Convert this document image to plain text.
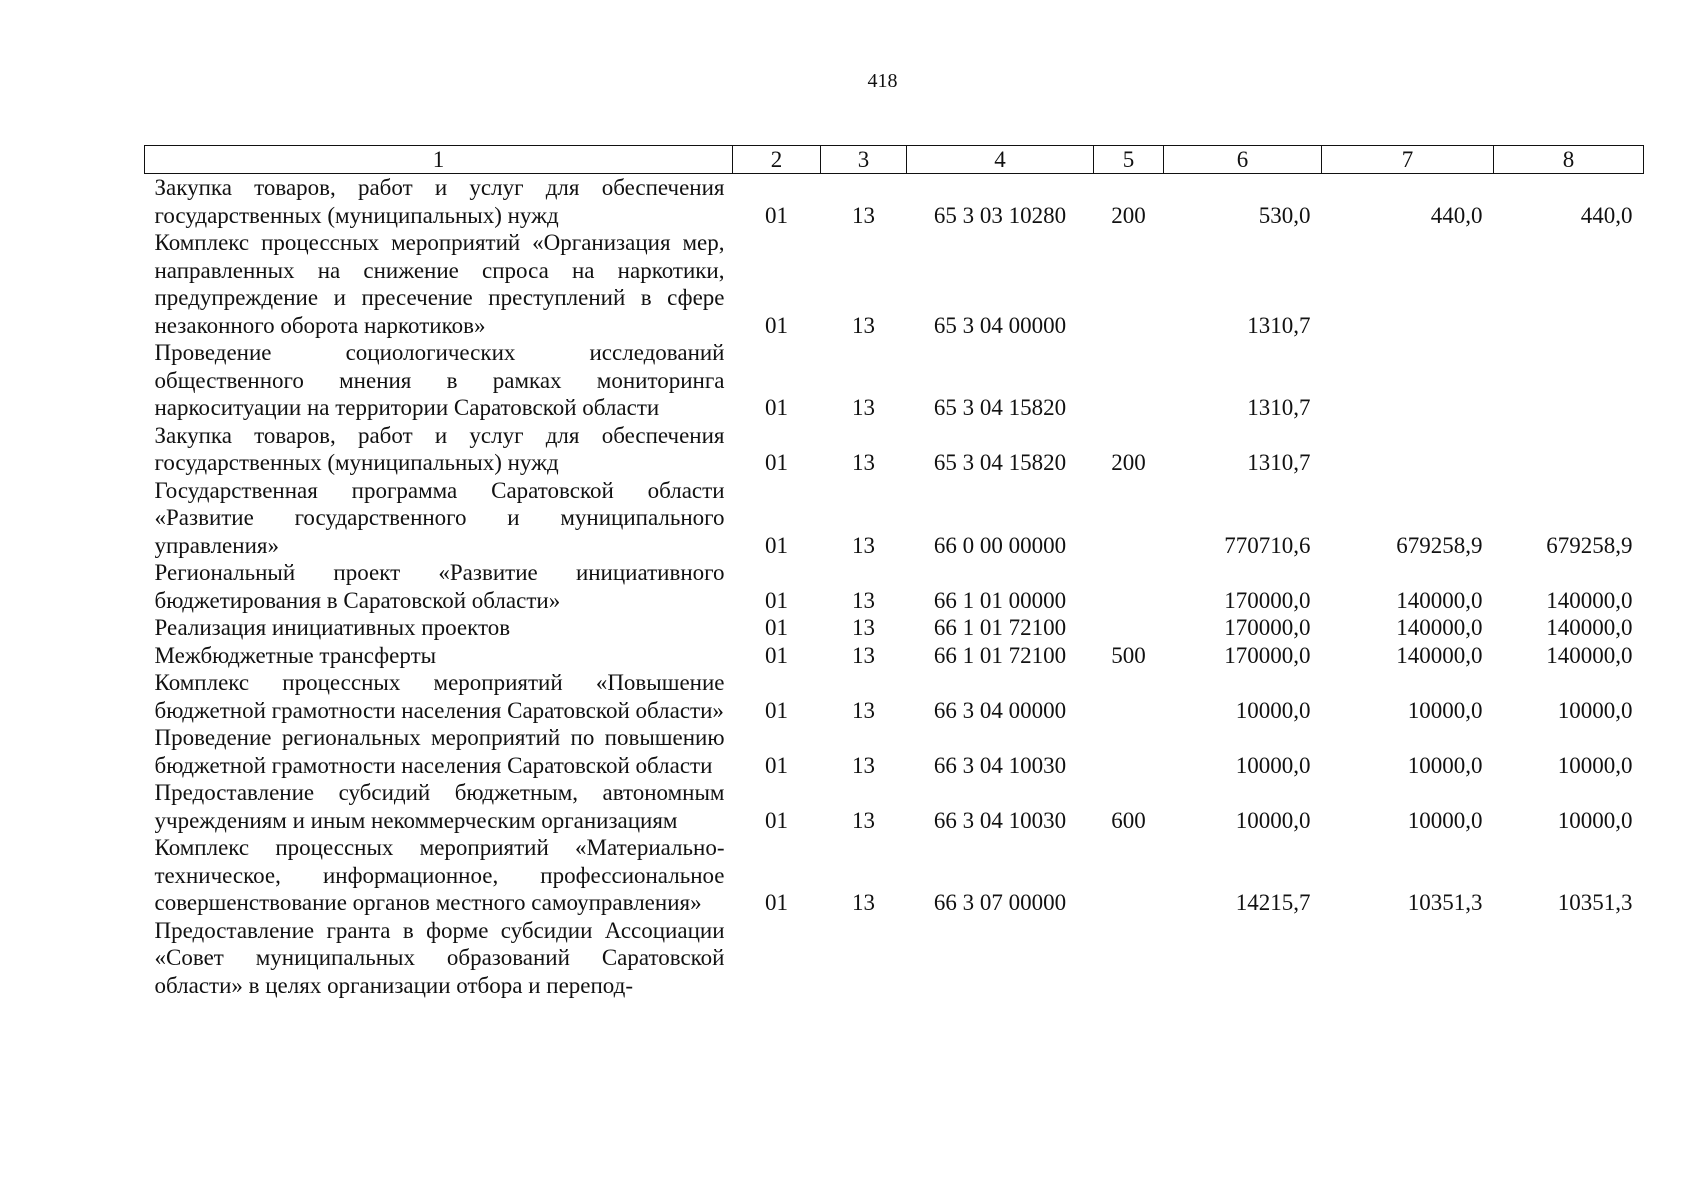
418
1	2	3	4	5	6	7	8
Закупка товаров, работ и услуг для обеспечения государственных (муниципальных) нужд	01	13	65 3 03 10280	200	530,0	440,0	440,0
Комплекс процессных мероприятий «Организация мер, направленных на снижение спроса на наркотики, предупреждение и пресечение преступлений в сфере незаконного оборота наркотиков»	01	13	65 3 04 00000		1310,7		
Проведение социологических исследований общественного мнения в рамках мониторинга наркоситуации на территории Саратовской области	01	13	65 3 04 15820		1310,7		
Закупка товаров, работ и услуг для обеспечения государственных (муниципальных) нужд	01	13	65 3 04 15820	200	1310,7		
Государственная программа Саратовской области «Развитие государственного и муниципального управления»	01	13	66 0 00 00000		770710,6	679258,9	679258,9
Региональный проект «Развитие инициативного бюджетирования в Саратовской области»	01	13	66 1 01 00000		170000,0	140000,0	140000,0
Реализация инициативных проектов	01	13	66 1 01 72100		170000,0	140000,0	140000,0
Межбюджетные трансферты	01	13	66 1 01 72100	500	170000,0	140000,0	140000,0
Комплекс процессных мероприятий «Повышение бюджетной грамотности населения Саратовской области»	01	13	66 3 04 00000		10000,0	10000,0	10000,0
Проведение региональных мероприятий по повышению бюджетной грамотности населения Саратовской области	01	13	66 3 04 10030		10000,0	10000,0	10000,0
Предоставление субсидий бюджетным, автономным учреждениям и иным некоммерческим организациям	01	13	66 3 04 10030	600	10000,0	10000,0	10000,0
Комплекс процессных мероприятий «Материально-техническое, информационное, профессиональное совершенствование органов местного самоуправления»	01	13	66 3 07 00000		14215,7	10351,3	10351,3
Предоставление гранта в форме субсидии Ассоциации «Совет муниципальных образований Саратовской области» в целях организации отбора и перепод-							
